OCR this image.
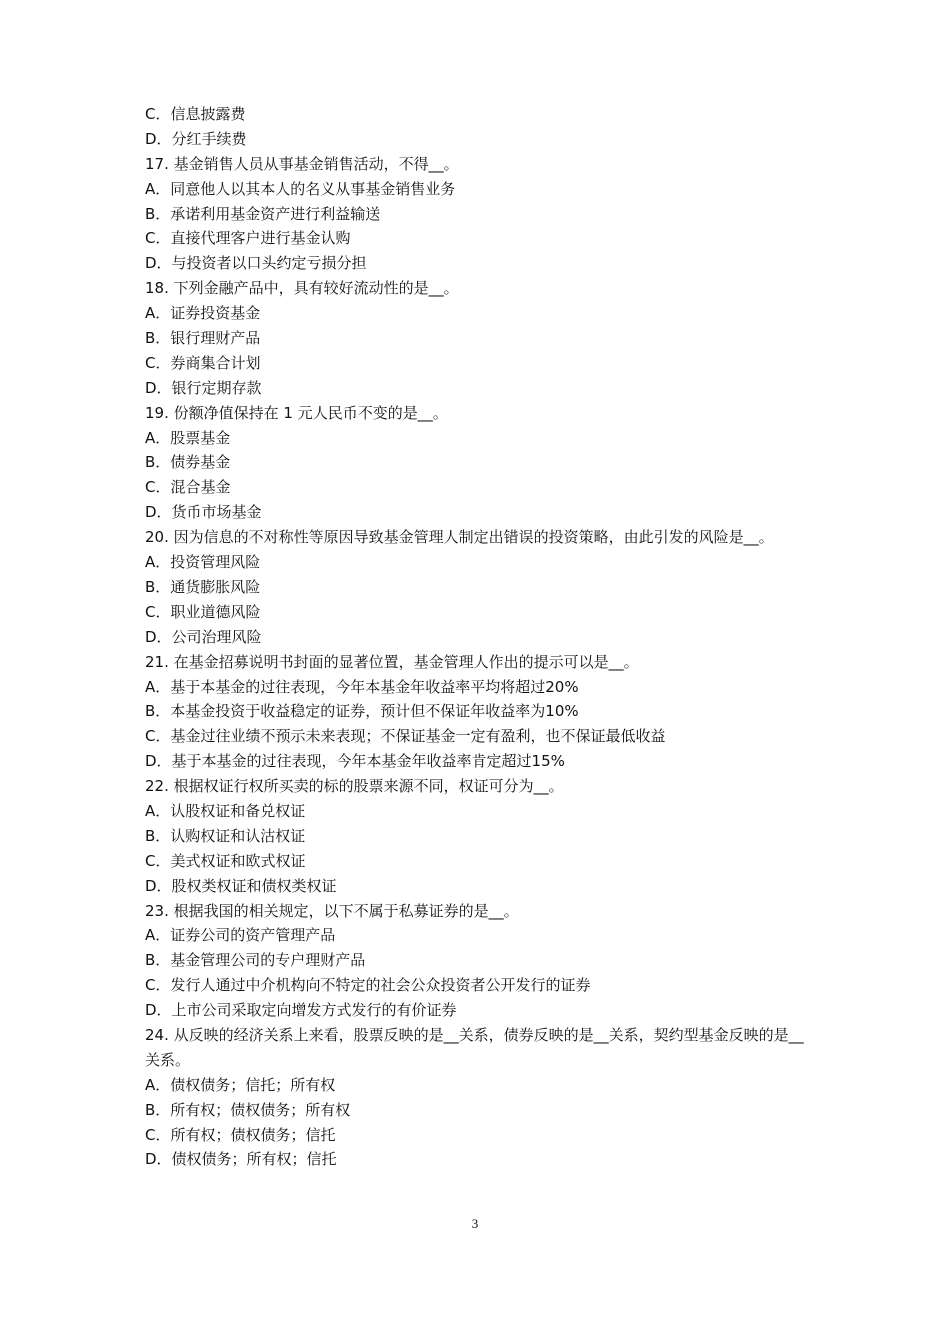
C．信息披露费
D．分红手续费
17. 基金销售人员从事基金销售活动，不得__。
A．同意他人以其本人的名义从事基金销售业务
B．承诺利用基金资产进行利益输送
C．直接代理客户进行基金认购
D．与投资者以口头约定亏损分担
18. 下列金融产品中，具有较好流动性的是__。
A．证券投资基金
B．银行理财产品
C．券商集合计划
D．银行定期存款
19. 份额净值保持在 1 元人民币不变的是__。
A．股票基金
B．债券基金
C．混合基金
D．货币市场基金
20. 因为信息的不对称性等原因导致基金管理人制定出错误的投资策略，由此引发的风险是__。
A．投资管理风险
B．通货膨胀风险
C．职业道德风险
D．公司治理风险
21. 在基金招募说明书封面的显著位置，基金管理人作出的提示可以是__。
A．基于本基金的过往表现，今年本基金年收益率平均将超过20%
B．本基金投资于收益稳定的证券，预计但不保证年收益率为10%
C．基金过往业绩不预示未来表现；不保证基金一定有盈利，也不保证最低收益
D．基于本基金的过往表现，今年本基金年收益率肯定超过15%
22. 根据权证行权所买卖的标的股票来源不同，权证可分为__。
A．认股权证和备兑权证
B．认购权证和认沽权证
C．美式权证和欧式权证
D．股权类权证和债权类权证
23. 根据我国的相关规定，以下不属于私募证券的是__。
A．证券公司的资产管理产品
B．基金管理公司的专户理财产品
C．发行人通过中介机构向不特定的社会公众投资者公开发行的证券
D．上市公司采取定向增发方式发行的有价证券
24. 从反映的经济关系上来看，股票反映的是__关系，债券反映的是__关系，契约型基金反映的是__关系。
A．债权债务；信托；所有权
B．所有权；债权债务；所有权
C．所有权；债权债务；信托
D．债权债务；所有权；信托
3
